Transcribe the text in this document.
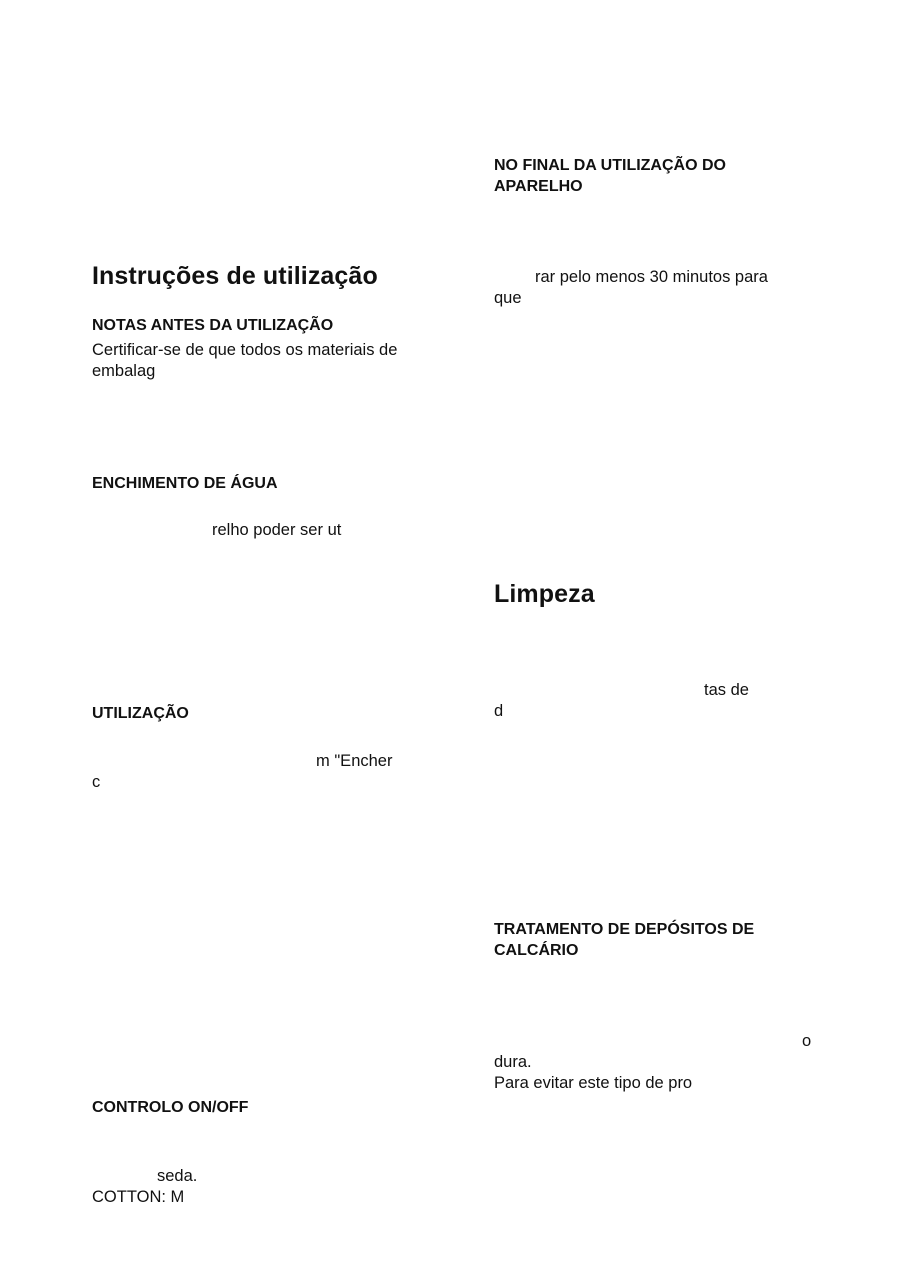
Instruções de utilização
NOTAS ANTES DA UTILIZAÇÃO

Certificar-se de que todos os materiais de

embalag

ENCHIMENTO DE ÁGUA

relho poder ser ut

UTILIZAÇÃO

m "Encher

c

CONTROLO ON/OFF

seda.

COTTON: M

NO FINAL DA UTILIZAÇÃO DO
APARELHO

rar pelo menos 30 minutos para

que

Limpeza

tas de

d

TRATAMENTO DE DEPÓSITOS DE
CALCÁRIO

o

dura.

Para evitar este tipo de pro
